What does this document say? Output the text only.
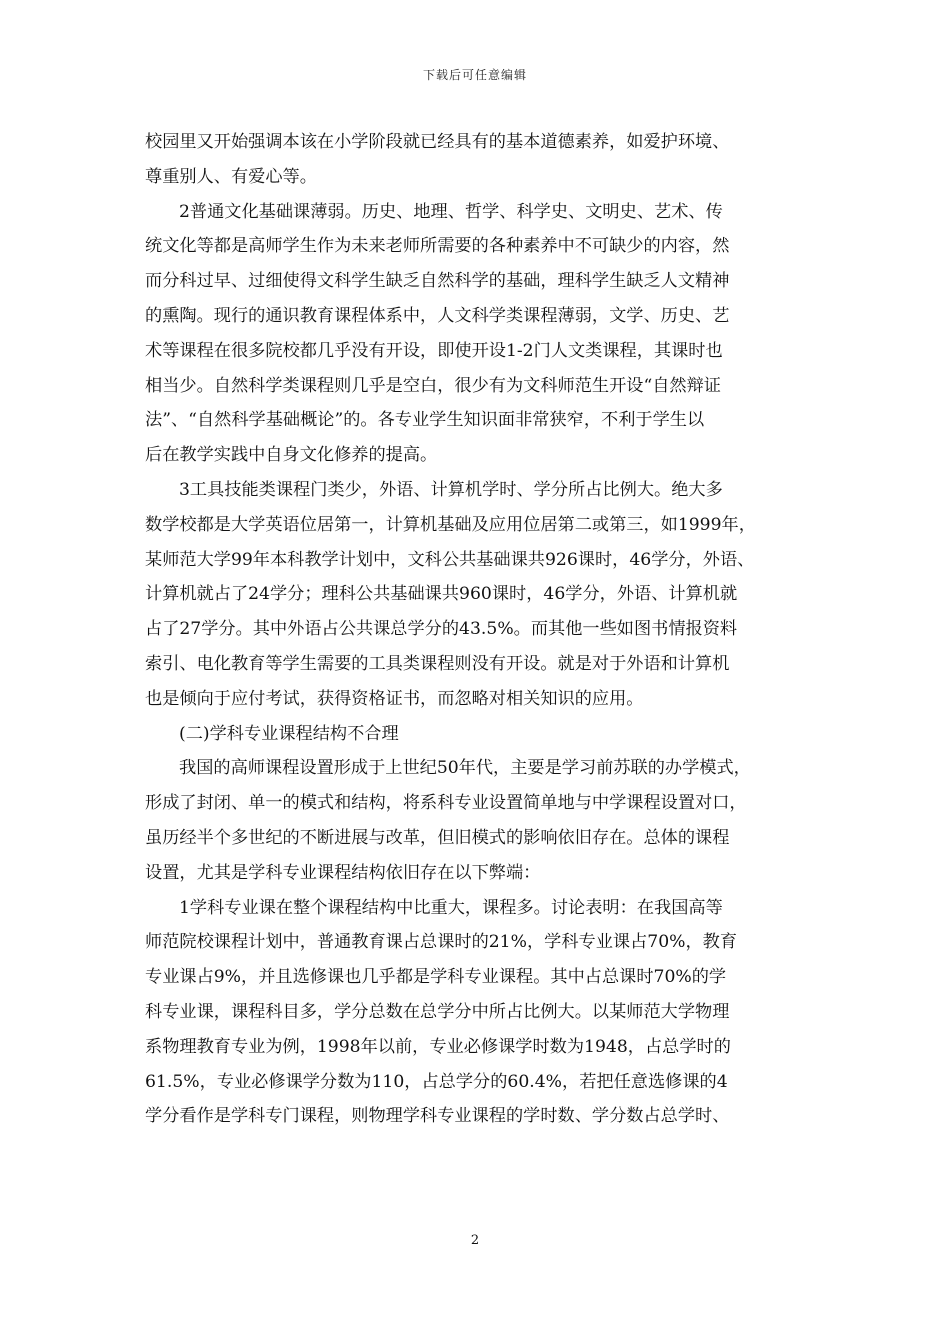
下载后可任意编辑
校园里又开始强调本该在小学阶段就已经具有的基本道德素养，如爱护环境、
尊重别人、有爱心等。
2普通文化基础课薄弱。历史、地理、哲学、科学史、文明史、艺术、传
统文化等都是高师学生作为未来老师所需要的各种素养中不可缺少的内容，然
而分科过早、过细使得文科学生缺乏自然科学的基础，理科学生缺乏人文精神
的熏陶。现行的通识教育课程体系中，人文科学类课程薄弱，文学、历史、艺
术等课程在很多院校都几乎没有开设，即使开设1-2门人文类课程，其课时也
相当少。自然科学类课程则几乎是空白，很少有为文科师范生开设“自然辩证
法”、“自然科学基础概论”的。各专业学生知识面非常狭窄，不利于学生以
后在教学实践中自身文化修养的提高。
3工具技能类课程门类少，外语、计算机学时、学分所占比例大。绝大多
数学校都是大学英语位居第一，计算机基础及应用位居第二或第三，如1999年，
某师范大学99年本科教学计划中，文科公共基础课共926课时，46学分，外语、
计算机就占了24学分；理科公共基础课共960课时，46学分，外语、计算机就
占了27学分。其中外语占公共课总学分的43.5%。而其他一些如图书情报资料
索引、电化教育等学生需要的工具类课程则没有开设。就是对于外语和计算机
也是倾向于应付考试，获得资格证书，而忽略对相关知识的应用。
(二)学科专业课程结构不合理
我国的高师课程设置形成于上世纪50年代，主要是学习前苏联的办学模式，
形成了封闭、单一的模式和结构，将系科专业设置简单地与中学课程设置对口，
虽历经半个多世纪的不断进展与改革，但旧模式的影响依旧存在。总体的课程
设置，尤其是学科专业课程结构依旧存在以下弊端：
1学科专业课在整个课程结构中比重大，课程多。讨论表明：在我国高等
师范院校课程计划中，普通教育课占总课时的21%，学科专业课占70%，教育
专业课占9%，并且选修课也几乎都是学科专业课程。其中占总课时70%的学
科专业课，课程科目多，学分总数在总学分中所占比例大。以某师范大学物理
系物理教育专业为例，1998年以前，专业必修课学时数为1948，占总学时的
61.5%，专业必修课学分数为110，占总学分的60.4%，若把任意选修课的4
学分看作是学科专门课程，则物理学科专业课程的学时数、学分数占总学时、
2
